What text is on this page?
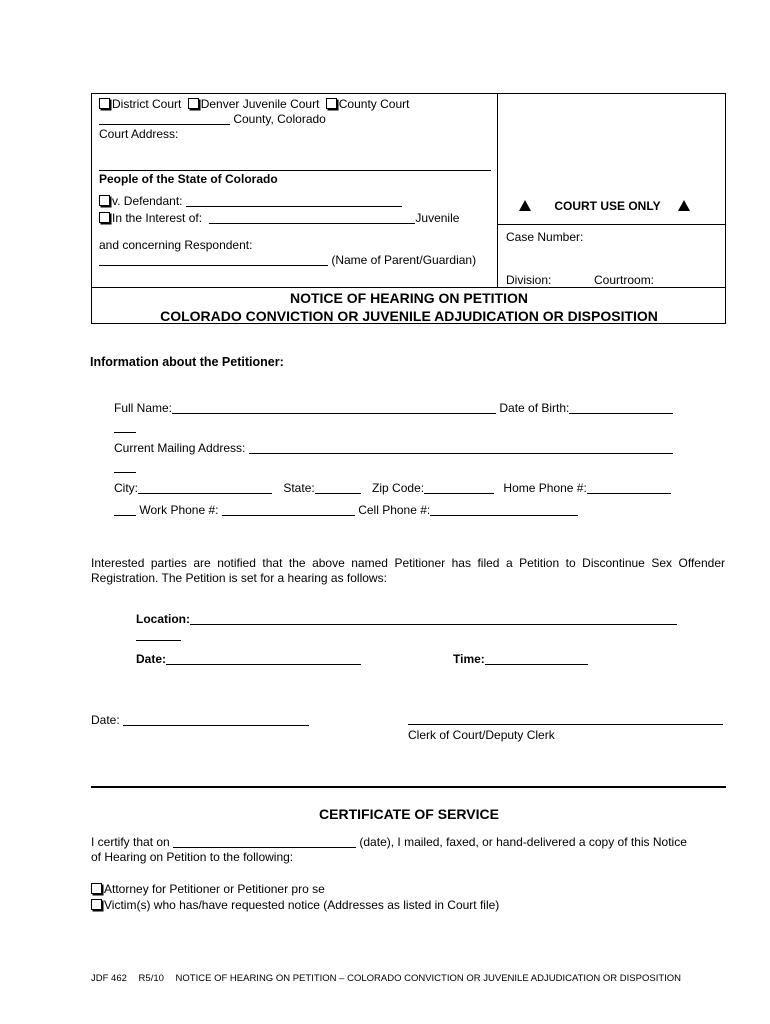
District Court Denver Juvenile Court County Court
County, Colorado
Court Address:
People of the State of Colorado
v. Defendant:
In the Interest of:	Juvenile
and concerning Respondent:
(Name of Parent/Guardian)
COURT USE ONLY
Case Number:
Division:	Courtroom:
NOTICE OF HEARING ON PETITION
COLORADO CONVICTION OR JUVENILE ADJUDICATION OR DISPOSITION
Information about the Petitioner:
Full Name:	Date of Birth:
Current Mailing Address:
City:	State:	Zip Code:	Home Phone #:
Work Phone #:	Cell Phone #:
Interested parties are notified that the above named Petitioner has filed a Petition to Discontinue Sex Offender Registration. The Petition is set for a hearing as follows:
Location:
Date:	Time:
Date:
Clerk of Court/Deputy Clerk
CERTIFICATE OF SERVICE
I certify that on	(date), I mailed, faxed, or hand-delivered a copy of this Notice
of Hearing on Petition to the following:
Attorney for Petitioner or Petitioner pro se
Victim(s) who has/have requested notice (Addresses as listed in Court file)
JDF 462 R5/10 NOTICE OF HEARING ON PETITION – COLORADO CONVICTION OR JUVENILE ADJUDICATION OR DISPOSITION
